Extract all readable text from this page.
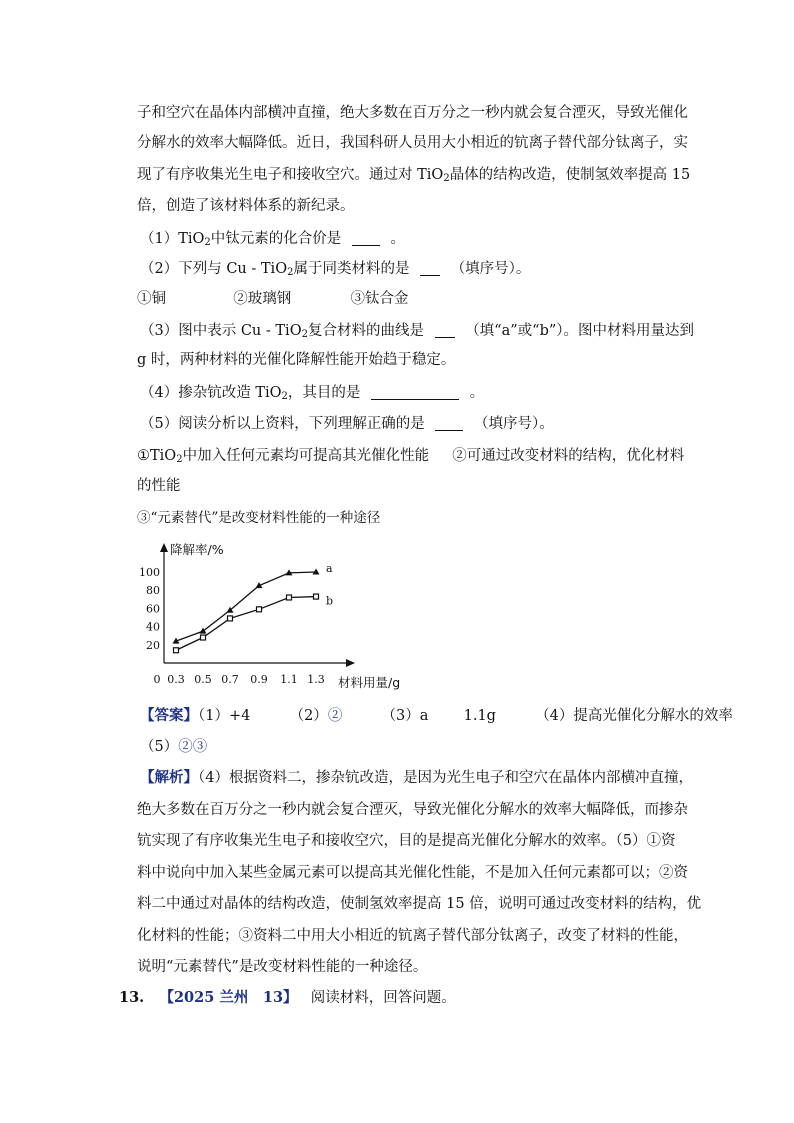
子和空穴在晶体内部横冲直撞，绝大多数在百万分之一秒内就会复合湮灭，导致光催化
分解水的效率大幅降低。近日，我国科研人员用大小相近的钪离子替代部分钛离子，实
现了有序收集光生电子和接收空穴。通过对 TiO$_2$晶体的结构改造，使制氢效率提高 15
倍，创造了该材料体系的新纪录。
（1）TiO$_2$中钛元素的化合价是	。
（2）下列与 Cu - TiO$_2$属于同类材料的是	（填序号）。
①铜	②玻璃钢	③钛合金
（3）图中表示 Cu - TiO$_2$复合材料的曲线是	（填“a”或“b”）。图中材料用量达到
g 时，两种材料的光催化降解性能开始趋于稳定。
（4）掺杂钪改造 TiO$_2$，其目的是	。
（5）阅读分析以上资料，下列理解正确的是	（填序号）。
①TiO$_2$中加入任何元素均可提高其光催化性能 ②可通过改变材料的结构，优化材料
的性能
③“元素替代”是改变材料性能的一种途径
降解率/%
材料用量/g
20
40
60
80
100
0 0.3 0.5 0.7 0.9 1.1 1.3
a
b
【答案】（1）+4	（2）②	（3）a 1.1g	（4）提高光催化分解水的效率
（5）②③
【解析】（4）根据资料二，掺杂钪改造，是因为光生电子和空穴在晶体内部横冲直撞，
绝大多数在百万分之一秒内就会复合湮灭，导致光催化分解水的效率大幅降低，而掺杂
钪实现了有序收集光生电子和接收空穴，目的是提高光催化分解水的效率。（5）①资
料中说向中加入某些金属元素可以提高其光催化性能，不是加入任何元素都可以；②资
料二中通过对晶体的结构改造，使制氢效率提高 15 倍，说明可通过改变材料的结构，优
化材料的性能；③资料二中用大小相近的钪离子替代部分钛离子，改变了材料的性能，
说明“元素替代”是改变材料性能的一种途径。
13. 【2025 兰州　13】 阅读材料，回答问题。
